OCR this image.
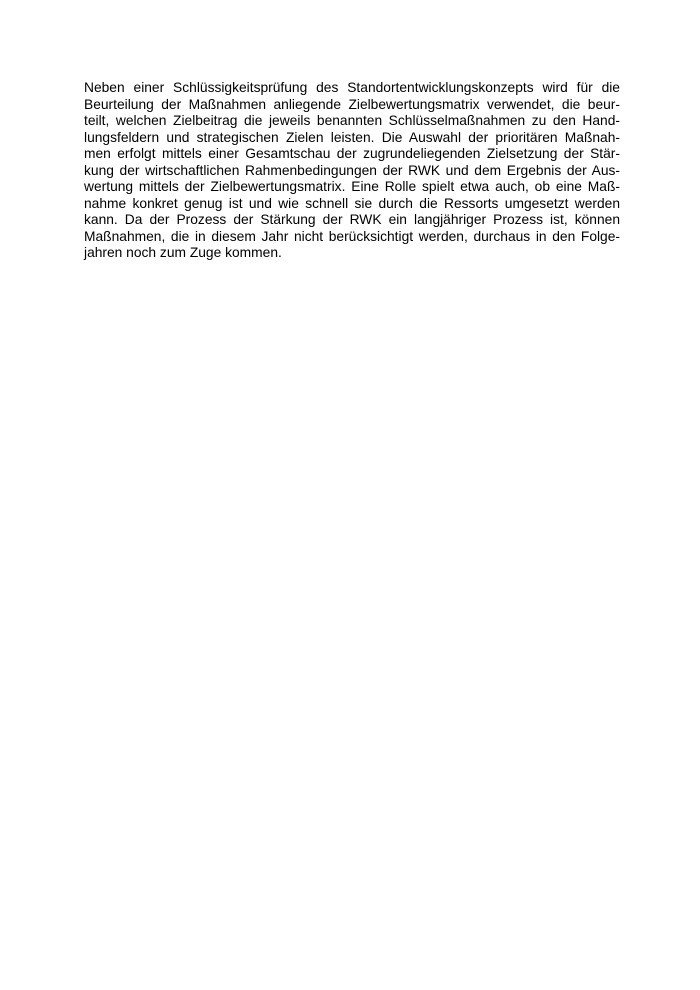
Neben einer Schlüssigkeitsprüfung des Standortentwicklungskonzepts wird für die
Beurteilung der Maßnahmen anliegende Zielbewertungsmatrix verwendet, die beur-
teilt, welchen Zielbeitrag die jeweils benannten Schlüsselmaßnahmen zu den Hand-
lungsfeldern und strategischen Zielen leisten. Die Auswahl der prioritären Maßnah-
men erfolgt mittels einer Gesamtschau der zugrundeliegenden Zielsetzung der Stär-
kung der wirtschaftlichen Rahmenbedingungen der RWK und dem Ergebnis der Aus-
wertung mittels der Zielbewertungsmatrix. Eine Rolle spielt etwa auch, ob eine Maß-
nahme konkret genug ist und wie schnell sie durch die Ressorts umgesetzt werden
kann. Da der Prozess der Stärkung der RWK ein langjähriger Prozess ist, können
Maßnahmen, die in diesem Jahr nicht berücksichtigt werden, durchaus in den Folge-
jahren noch zum Zuge kommen.
